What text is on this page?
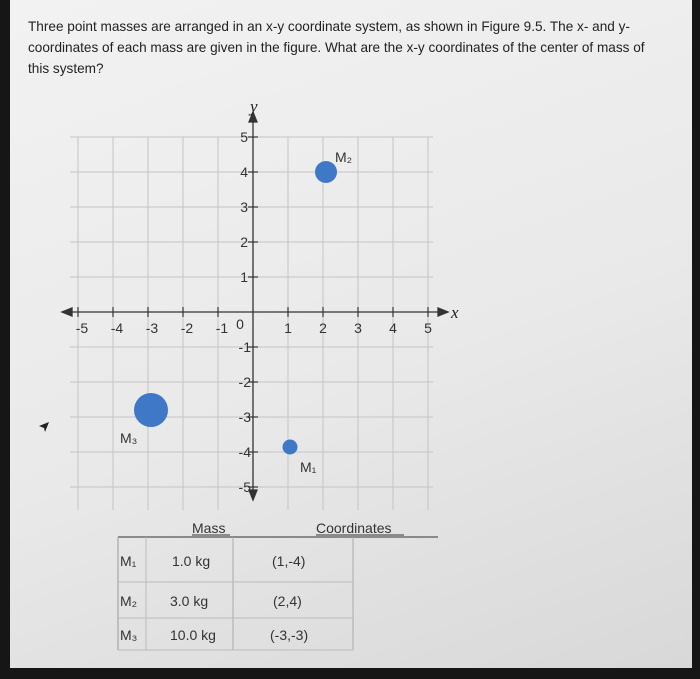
Three point masses are arranged in an x-y coordinate system, as shown in Figure 9.5. The x- and y-coordinates of each mass are given in the figure. What are the x-y coordinates of the center of mass of this system?
x
y
-5 -4 -3 -2 -1 0	1 2 3 4 5
5
4
3
2
1
-1
-2
-3
-4
-5
M₂
M₃
M₁
Mass	Coordinates
M₁	1.0 kg	(1,-4)
M₂ 3.0 kg	(2,4)
M₃ 10.0 kg	(-3,-3)
